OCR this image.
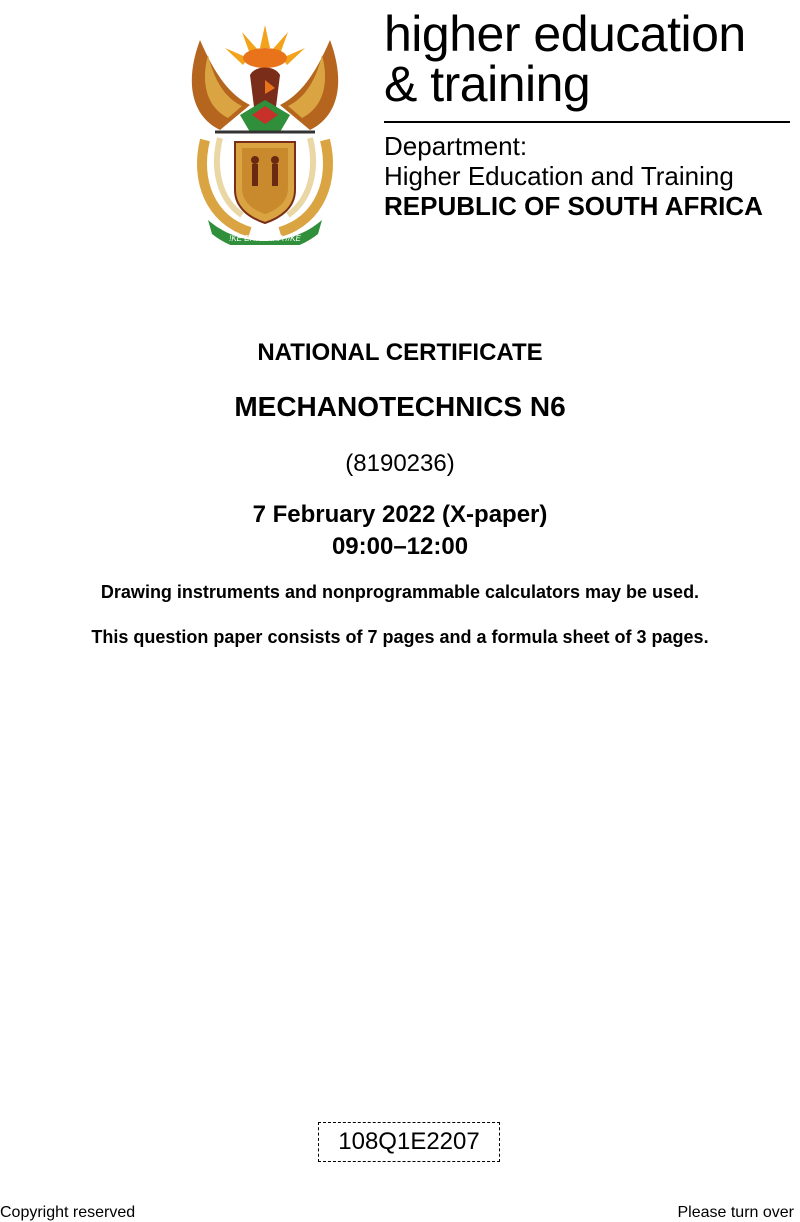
!KE E: /XARRA //KE
higher education
& training
Department:
Higher Education and Training
REPUBLIC OF SOUTH AFRICA
NATIONAL CERTIFICATE
MECHANOTECHNICS N6
(8190236)
7 February 2022 (X-paper)
09:00–12:00
Drawing instruments and nonprogrammable calculators may be used.
This question paper consists of 7 pages and a formula sheet of 3 pages.
108Q1E2207
Copyright reserved	Please turn over
